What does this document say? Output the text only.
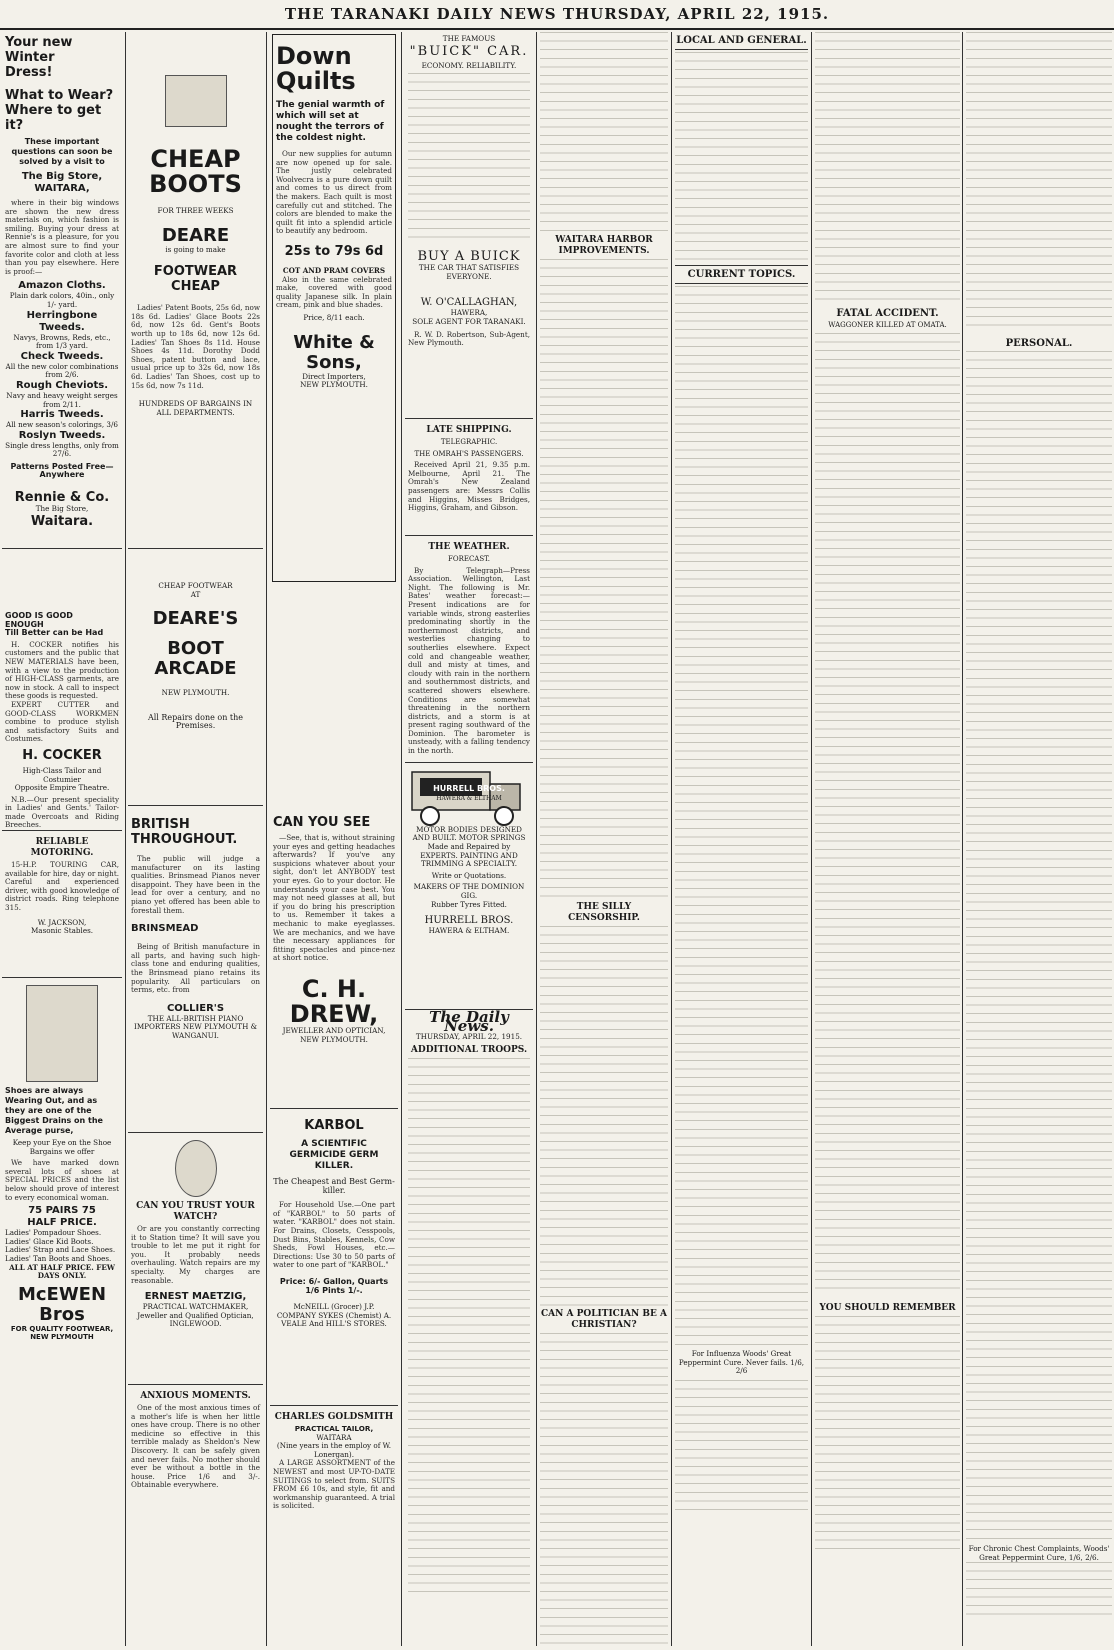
THE TARANAKI DAILY NEWS THURSDAY, APRIL 22, 1915.
Your new Winter
Dress!
What to Wear?
Where to get it?
These important questions can soon be solved by a visit to
The Big Store,
WAITARA,
where in their big windows are shown the new dress materials on, which fashion is smiling. Buying your dress at Rennie's is a pleasure, for you are almost sure to find your favorite color and cloth at less than you pay elsewhere. Here is proof:—
Amazon Cloths.
Plain dark colors, 40in., only 1/- yard.
Herringbone Tweeds.
Navys, Browns, Reds, etc., from 1/3 yard.
Check Tweeds.
All the new color combinations from 2/6.
Rough Cheviots.
Navy and heavy weight serges from 2/11.
Harris Tweeds.
All new season's colorings, 3/6
Roslyn Tweeds.
Single dress lengths, only from 27/6.
Patterns Posted Free—Anywhere
Rennie & Co.
The Big Store,
Waitara.
GOOD IS GOOD
ENOUGH
Till Better can be Had
H. COCKER notifies his customers and the public that NEW MATERIALS have been, with a view to the production of HIGH-CLASS garments, are now in stock. A call to inspect these goods is requested.
EXPERT CUTTER and GOOD-CLASS WORKMEN combine to produce stylish and satisfactory Suits and Costumes.
H. COCKER
High-Class Tailor and Costumier
Opposite Empire Theatre.
N.B.—Our present speciality in Ladies' and Gents.' Tailor-made Overcoats and Riding Breeches.
RELIABLE MOTORING.
15-H.P. TOURING CAR, available for hire, day or night. Careful and experienced driver, with good knowledge of district roads. Ring telephone 315.
W. JACKSON,
Masonic Stables.
Shoes are always Wearing Out, and as they are one of the Biggest Drains on the Average purse,
Keep your Eye on the Shoe Bargains we offer
We have marked down several lots of shoes at SPECIAL PRICES and the list below should prove of interest to every economical woman.
75 PAIRS 75
HALF PRICE.
Ladies' Pompadour Shoes.
Ladies' Glace Kid Boots.
Ladies' Strap and Lace Shoes.
Ladies' Tan Boots and Shoes.
ALL AT HALF PRICE. FEW DAYS ONLY.
McEWEN Bros
FOR QUALITY FOOTWEAR, NEW PLYMOUTH
CHEAP
BOOTS
FOR THREE WEEKS
DEARE
is going to make
FOOTWEAR CHEAP
Ladies' Patent Boots, 25s 6d, now 18s 6d. Ladies' Glace Boots 22s 6d, now 12s 6d. Gent's Boots worth up to 18s 6d, now 12s 6d. Ladies' Tan Shoes 8s 11d. House Shoes 4s 11d. Dorothy Dodd Shoes, patent button and lace, usual price up to 32s 6d, now 18s 6d. Ladies' Tan Shoes, cost up to 15s 6d, now 7s 11d.
HUNDREDS OF BARGAINS IN ALL DEPARTMENTS.
CHEAP FOOTWEAR
AT
DEARE'S
BOOT ARCADE
NEW PLYMOUTH.
All Repairs done on the Premises.
BRITISH
THROUGHOUT.
The public will judge a manufacturer on its lasting qualities. Brinsmead Pianos never disappoint. They have been in the lead for over a century, and no piano yet offered has been able to forestall them.
BRINSMEAD
Being of British manufacture in all parts, and having such high-class tone and enduring qualities, the Brinsmead piano retains its popularity. All particulars on terms, etc. from
COLLIER'S
THE ALL-BRITISH PIANO IMPORTERS NEW PLYMOUTH & WANGANUI.
CAN YOU TRUST YOUR WATCH?
Or are you constantly correcting it to Station time? It will save you trouble to let me put it right for you. It probably needs overhauling. Watch repairs are my specialty. My charges are reasonable.
ERNEST MAETZIG,
PRACTICAL WATCHMAKER,
Jeweller and Qualified Optician, INGLEWOOD.
ANXIOUS MOMENTS.
One of the most anxious times of a mother's life is when her little ones have croup. There is no other medicine so effective in this terrible malady as Sheldon's New Discovery. It can be safely given and never fails. No mother should ever be without a bottle in the house. Price 1/6 and 3/-. Obtainable everywhere.
Down
Quilts
The genial warmth of which will set at nought the terrors of the coldest night.
Our new supplies for autumn are now opened up for sale. The justly celebrated Woolvecra is a pure down quilt and comes to us direct from the makers. Each quilt is most carefully cut and stitched. The colors are blended to make the quilt fit into a splendid article to beautify any bedroom.
25s to 79s 6d
COT AND PRAM COVERS
Also in the same celebrated make, covered with good quality Japanese silk. In plain cream, pink and blue shades.
Price, 8/11 each.
White & Sons,
Direct Importers,
NEW PLYMOUTH.
CAN YOU SEE
—See, that is, without straining your eyes and getting headaches afterwards? If you've any suspicions whatever about your sight, don't let ANYBODY test your eyes. Go to your doctor. He understands your case best. You may not need glasses at all, but if you do bring his prescription to us. Remember it takes a mechanic to make eyeglasses. We are mechanics, and we have the necessary appliances for fitting spectacles and pince-nez at short notice.
C. H. DREW,
JEWELLER AND OPTICIAN,
NEW PLYMOUTH.
KARBOL
A SCIENTIFIC GERMICIDE GERM KILLER.
The Cheapest and Best Germ-killer.
For Household Use.—One part of "KARBOL" to 50 parts of water. "KARBOL" does not stain. For Drains, Closets, Cesspools, Dust Bins, Stables, Kennels, Cow Sheds, Fowl Houses, etc.—Directions: Use 30 to 50 parts of water to one part of "KARBOL."
Price: 6/- Gallon, Quarts 1/6 Pints 1/-.
McNEILL (Grocer) J.P. COMPANY SYKES (Chemist) A. VEALE And HILL'S STORES.
CHARLES GOLDSMITH
PRACTICAL TAILOR,
WAITARA
(Nine years in the employ of W. Lonergan).
A LARGE ASSORTMENT of the NEWEST and most UP-TO-DATE SUITINGS to select from. SUITS FROM £6 10s, and style, fit and workmanship guaranteed. A trial is solicited.
THE FAMOUS
"BUICK" CAR.
ECONOMY. RELIABILITY.
BUY A BUICK
THE CAR THAT SATISFIES EVERYONE.
W. O'CALLAGHAN,
HAWERA,
SOLE AGENT FOR TARANAKI.
R. W. D. Robertson, Sub-Agent, New Plymouth.
LATE SHIPPING.
TELEGRAPHIC.
THE OMRAH'S PASSENGERS.
Received April 21, 9.35 p.m. Melbourne, April 21. The Omrah's New Zealand passengers are: Messrs Collis and Higgins, Misses Bridges, Higgins, Graham, and Gibson.
THE WEATHER.
FORECAST.
By Telegraph—Press Association. Wellington, Last Night. The following is Mr. Bates' weather forecast:— Present indications are for variable winds, strong easterlies predominating shortly in the northernmost districts, and westerlies changing to southerlies elsewhere. Expect cold and changeable weather, dull and misty at times, and cloudy with rain in the northern and southernmost districts, and scattered showers elsewhere. Conditions are somewhat threatening in the northern districts, and a storm is at present raging southward of the Dominion. The barometer is unsteady, with a falling tendency in the north.
HURRELL BROS.
HAWERA & ELTHAM
MOTOR BODIES DESIGNED AND BUILT. MOTOR SPRINGS Made and Repaired by EXPERTS. PAINTING AND TRIMMING A SPECIALTY.
Write or Quotations.
MAKERS OF THE DOMINION GIG.
Rubber Tyres Fitted.
HURRELL BROS.
HAWERA & ELTHAM.
The Daily News.
THURSDAY, APRIL 22, 1915.
ADDITIONAL TROOPS.
WAITARA HARBOR IMPROVEMENTS.
THE SILLY CENSORSHIP.
CAN A POLITICIAN BE A CHRISTIAN?
LOCAL AND GENERAL.
CURRENT TOPICS.
For Influenza Woods' Great Peppermint Cure. Never fails. 1/6, 2/6
FATAL ACCIDENT.
WAGGONER KILLED AT OMATA.
YOU SHOULD REMEMBER
PERSONAL.
For Chronic Chest Complaints, Woods' Great Peppermint Cure, 1/6, 2/6.
